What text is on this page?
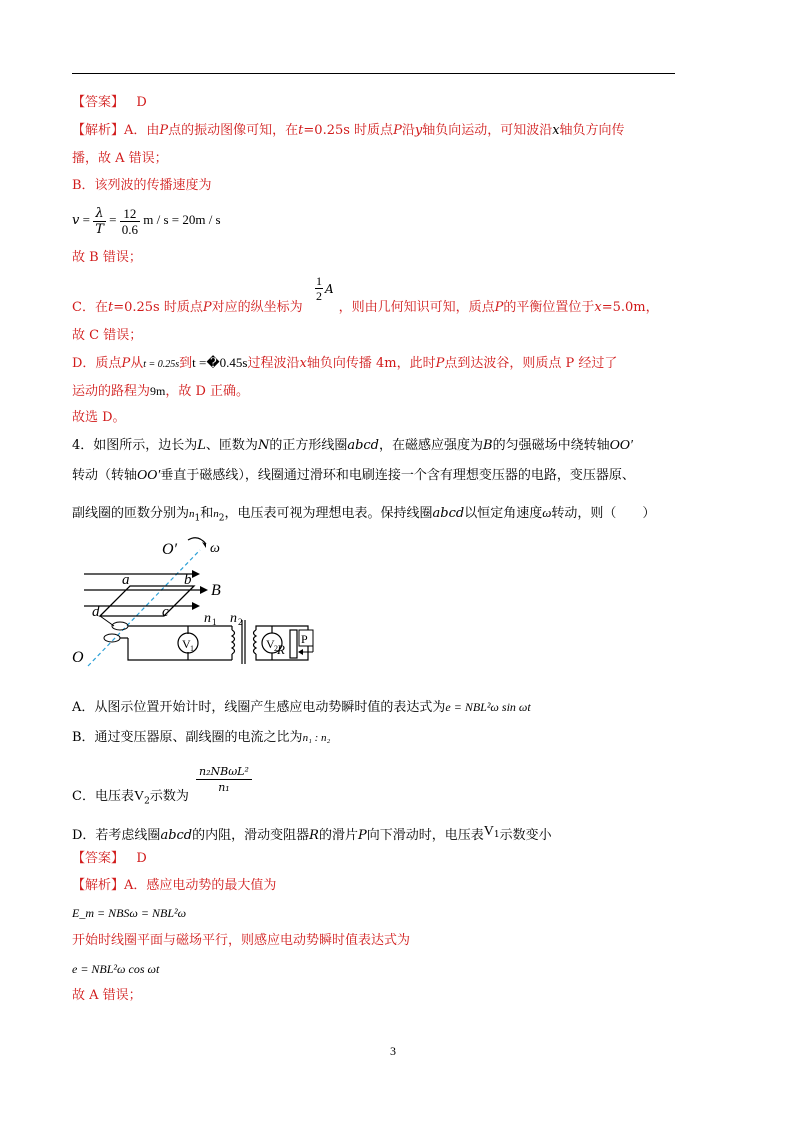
【答案】 D
【解析】A．由P点的振动图像可知，在t=0.25s 时质点P沿y轴负向运动，可知波沿x轴负方向传
播，故 A 错误；
B．该列波的传播速度为
$v = \frac{\lambda}{T} = \frac{12}{0.6}$ m / s = 20m / s
故 B 错误；
$\frac{1}{2}$ A
C．在t=0.25s 时质点P对应的纵坐标为	，则由几何知识可知，质点P的平衡位置位于x=5.0m，
故 C 错误；
D．质点P从t = 0.25s到t =�0.45s过程波沿x轴负向传播 4m，此时P点到达波谷，则质点 P 经过了
运动的路程为9m，故 D 正确。
故选 D。
4．如图所示，边长为L、匝数为N的正方形线圈abcd，在磁感应强度为B的匀强磁场中绕转轴OO′
转动（转轴OO′垂直于磁感线），线圈通过滑环和电刷连接一个含有理想变压器的电路，变压器原、
副线圈的匝数分别为$n_1$和$n_2$，电压表可视为理想电表。保持线圈abcd以恒定角速度ω转动，则（　　）
O′ ω
B
a	b
d	c
O
V 1
n 1 n 2
V 2 R
P
A．从图示位置开始计时，线圈产生感应电动势瞬时值的表达式为e = NBL²ω sin ωt
B．通过变压器原、副线圈的电流之比为n₁ : n₂
n₂NBωL²
n₁
C．电压表$V_2$示数为
D．若考虑线圈abcd的内阻，滑动变阻器R的滑片P向下滑动时，电压表$V_1$示数变小
【答案】 D
【解析】A．感应电动势的最大值为
E_m = NBSω = NBL²ω
开始时线圈平面与磁场平行，则感应电动势瞬时值表达式为
e = NBL²ω cos ωt
故 A 错误；
3
